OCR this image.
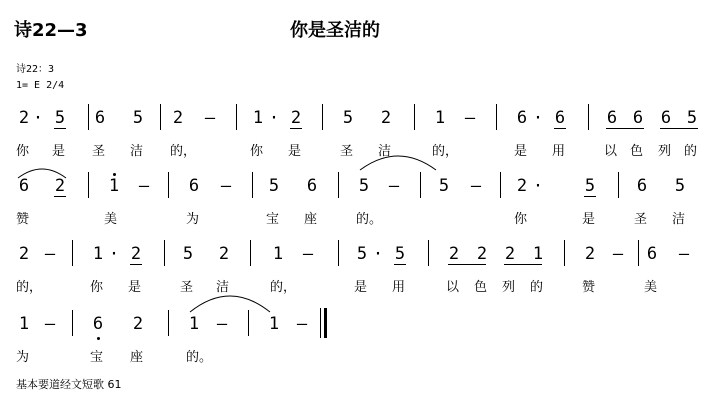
诗22—3	你是圣洁的
诗22：3
1= E 2/4
2 · 5 6 5 2 – 1 · 2 5 2	1 – 6 · 6 6 6 6 5
你 是 圣 洁 的，	你 是	圣 洁	的，	是 用	以 色 列 的
6 2	1 – 6 – 5 6 5 – 5 – 2 · 5 6 5
赞	美	为	宝 座	的。	你	是	圣 洁
2 – 1 · 2 5 2	1 –	5 · 5	2 2 2 1 2 – 6 –
的，	你 是	圣 洁	的，	是 用	以 色 列 的	赞	美
1 – 6 2	1 – 1 –
为	宝 座	的。
基本要道经文短歌 61
